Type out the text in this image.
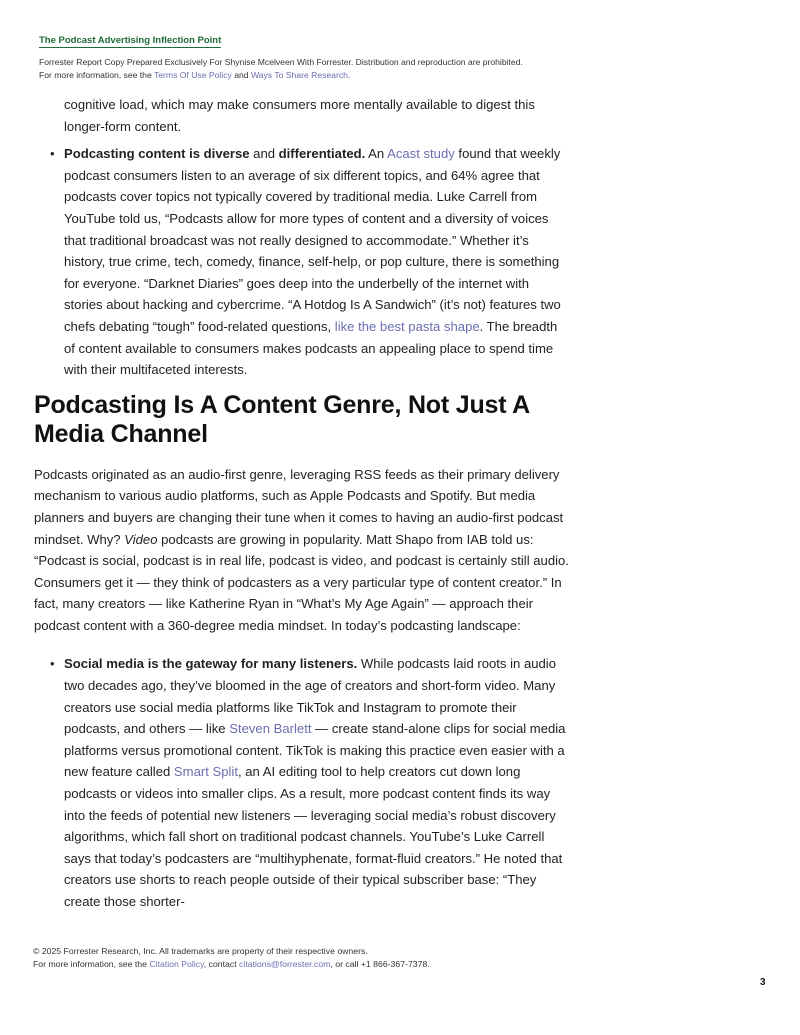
The Podcast Advertising Inflection Point
Forrester Report Copy Prepared Exclusively For Shynise Mcelveen With Forrester. Distribution and reproduction are prohibited.
For more information, see the Terms Of Use Policy and Ways To Share Research.

cognitive load, which may make consumers more mentally available to digest this longer-form content.

• Podcasting content is diverse and differentiated. An Acast study found that weekly podcast consumers listen to an average of six different topics, and 64% agree that podcasts cover topics not typically covered by traditional media. Luke Carrell from YouTube told us, “Podcasts allow for more types of content and a diversity of voices that traditional broadcast was not really designed to accommodate.” Whether it’s history, true crime, tech, comedy, finance, self-help, or pop culture, there is something for everyone. “Darknet Diaries” goes deep into the underbelly of the internet with stories about hacking and cybercrime. “A Hotdog Is A Sandwich” (it’s not) features two chefs debating “tough” food-related questions, like the best pasta shape. The breadth of content available to consumers makes podcasts an appealing place to spend time with their multifaceted interests.
Podcasting Is A Content Genre, Not Just A Media Channel

Podcasts originated as an audio-first genre, leveraging RSS feeds as their primary delivery mechanism to various audio platforms, such as Apple Podcasts and Spotify. But media planners and buyers are changing their tune when it comes to having an audio-first podcast mindset. Why? Video podcasts are growing in popularity. Matt Shapo from IAB told us: “Podcast is social, podcast is in real life, podcast is video, and podcast is certainly still audio. Consumers get it — they think of podcasters as a very particular type of content creator.” In fact, many creators — like Katherine Ryan in “What’s My Age Again” — approach their podcast content with a 360-degree media mindset. In today’s podcasting landscape:

• Social media is the gateway for many listeners. While podcasts laid roots in audio two decades ago, they’ve bloomed in the age of creators and short-form video. Many creators use social media platforms like TikTok and Instagram to promote their podcasts, and others — like Steven Barlett — create stand-alone clips for social media platforms versus promotional content. TikTok is making this practice even easier with a new feature called Smart Split, an AI editing tool to help creators cut down long podcasts or videos into smaller clips. As a result, more podcast content finds its way into the feeds of potential new listeners — leveraging social media’s robust discovery algorithms, which fall short on traditional podcast channels. YouTube’s Luke Carrell says that today’s podcasters are “multihyphenate, format-fluid creators.” He noted that creators use shorts to reach people outside of their typical subscriber base: “They create those shorter-
© 2025 Forrester Research, Inc. All trademarks are property of their respective owners.
For more information, see the Citation Policy, contact citations@forrester.com, or call +1 866-367-7378.
3
